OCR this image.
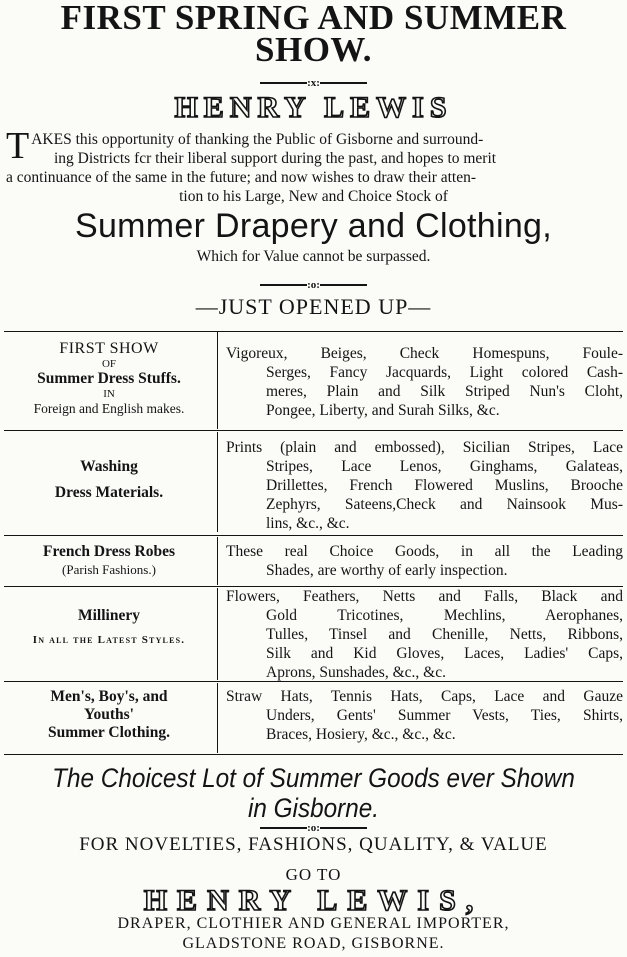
FIRST SPRING AND SUMMER
SHOW.
:x:
HENRY LEWIS
TAKES this opportunity of thanking the Public of Gisborne and surround-
ing Districts fcr their liberal support during the past, and hopes to merit
a continuance of the same in the future; and now wishes to draw their atten-
tion to his Large, New and Choice Stock of
Summer Drapery and Clothing,
Which for Value cannot be surpassed.
:o:
—JUST OPENED UP—
FIRST SHOW
OF
Summer Dress Stuffs.
IN
Foreign and English makes.

Vigoreux, Beiges, Check Homespuns, Foule-

Serges, Fancy Jacquards, Light colored Cash-

meres, Plain and Silk Striped Nun's Cloht,

Pongee, Liberty, and Surah Silks, &c.

Washing
Dress Materials.

Prints (plain and embossed), Sicilian Stripes, Lace

Stripes, Lace Lenos, Ginghams, Galateas,

Drillettes, French Flowered Muslins, Brooche

Zephyrs, Sateens,Check and Nainsook Mus-

lins, &c., &c.

French Dress Robes
(Parish Fashions.)

These real Choice Goods, in all the Leading

Shades, are worthy of early inspection.

Millinery
In all the Latest Styles.

Flowers, Feathers, Netts and Falls, Black and

Gold Tricotines, Mechlins, Aerophanes,

Tulles, Tinsel and Chenille, Netts, Ribbons,

Silk and Kid Gloves, Laces, Ladies' Caps,

Aprons, Sunshades, &c., &c.

Men's, Boy's, and
Youths'
Summer Clothing.

Straw Hats, Tennis Hats, Caps, Lace and Gauze

Unders, Gents' Summer Vests, Ties, Shirts,

Braces, Hosiery, &c., &c., &c.

The Choicest Lot of Summer Goods ever Shown
in Gisborne.
:o:
FOR NOVELTIES, FASHIONS, QUALITY, & VALUE
GO TO
HENRY LEWIS,
DRAPER, CLOTHIER AND GENERAL IMPORTER,
GLADSTONE ROAD, GISBORNE.
